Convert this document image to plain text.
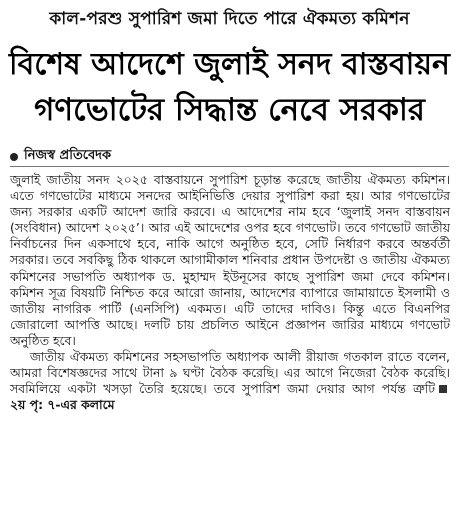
কাল-পরশু সুপারিশ জমা দিতে পারে ঐকমত্য কমিশন
বিশেষ আদেশে জুলাই সনদ বাস্তবায়ন
গণভোটের সিদ্ধান্ত নেবে সরকার
নিজস্ব প্রতিবেদক

জুলাই জাতীয় সনদ ২০২৫ বাস্তবায়নে সুপারিশ চূড়ান্ত করেছে জাতীয় ঐকমত্য কমিশন। এতে গণভোটের মাধ্যমে সনদের আইনিভিত্তি দেয়ার সুপারিশ করা হয়। আর গণভোটের জন্য সরকার একটি আদেশ জারি করবে। এ আদেশের নাম হবে ‘জুলাই সনদ বাস্তবায়ন (সংবিধান) আদেশ ২০২৫’। আর এই আদেশের ওপর হবে গণভোট। তবে গণভোট জাতীয় নির্বাচনের দিন একসাথে হবে, নাকি আগে অনুষ্ঠিত হবে, সেটি নির্ধারণ করবে অন্তর্বর্তী সরকার। তবে সবকিছু ঠিক থাকলে আগামীকাল শনিবার প্রধান উপদেষ্টা ও জাতীয় ঐকমত্য কমিশনের সভাপতি অধ্যাপক ড. মুহাম্মদ ইউনূসের কাছে সুপারিশ জমা দেবে কমিশন। কমিশন সূত্র বিষয়টি নিশ্চিত করে আরো জানায়, আদেশের ব্যাপারে জামায়াতে ইসলামী ও জাতীয় নাগরিক পার্টি (এনসিপি) একমত। এটি তাদের দাবিও। কিন্তু এতে বিএনপির জোরালো আপত্তি আছে। দলটি চায় প্রচলিত আইনে প্রজ্ঞাপন জারির মাধ্যমে গণভোট অনুষ্ঠিত হবে।

জাতীয় ঐকমত্য কমিশনের সহসভাপতি অধ্যাপক আলী রীয়াজ গতকাল রাতে বলেন, আমরা বিশেষজ্ঞদের সাথে টানা ৯ ঘণ্টা বৈঠক করেছি। এর আগে নিজেরা বৈঠক করেছি। সবমিলিয়ে একটা খসড়া তৈরি হয়েছে। তবে সুপারিশ জমা দেয়ার আগ পর্যন্ত ত্রুটি২য় পৃ: ৭-এর কলামে
